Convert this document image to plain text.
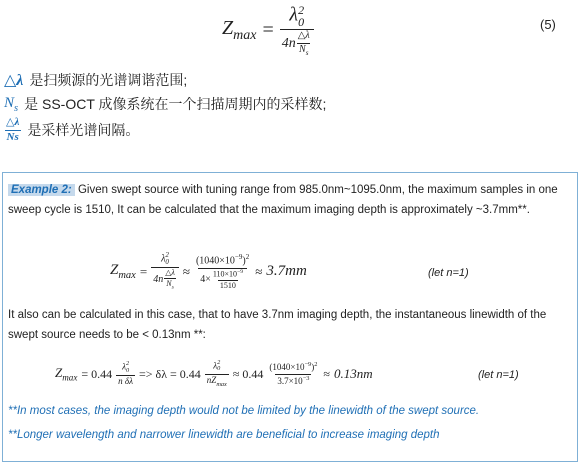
$Z_{max} = \lambda$ 2
0
$4n \frac{\triangle\lambda}{N_s}$	(5)
△λ 是扫频源的光谱调谐范围;
$N_s$ 是 SS-OCT 成像系统在一个扫描周期内的采样数;
$\frac{\triangle\lambda}{Ns}$ 是采样光谱间隔。
Example 2: Given swept source with tuning range from 985.0nm~1095.0nm, the maximum samples in one sweep cycle is 1510, It can be calculated that the maximum imaging depth is approximately ~3.7mm**.
$Z_{max} = \lambda$ 2
0
$4n \frac{\triangle\lambda}{N_s} \approx \frac{(1040\times 10^{-9})^2}{4\times \frac{110\times 10^{-9}}{1510}} \approx 3.7mm$	(let n=1)
It also can be calculated in this case, that to have 3.7nm imaging depth, the instantaneous linewidth of the swept source needs to be < 0.13nm **:
$Z_{max} = 0.44$ λ 2
0
n δλ => δλ = 0.44 λ 2
0
$nZ_{max} \approx 0.44 \frac{(1040\times 10^{-9})^2}{3.7\times 10^{-3}} \approx 0.13nm$	(let n=1)
**In most cases, the imaging depth would not be limited by the linewidth of the swept source.
**Longer wavelength and narrower linewidth are beneficial to increase imaging depth
